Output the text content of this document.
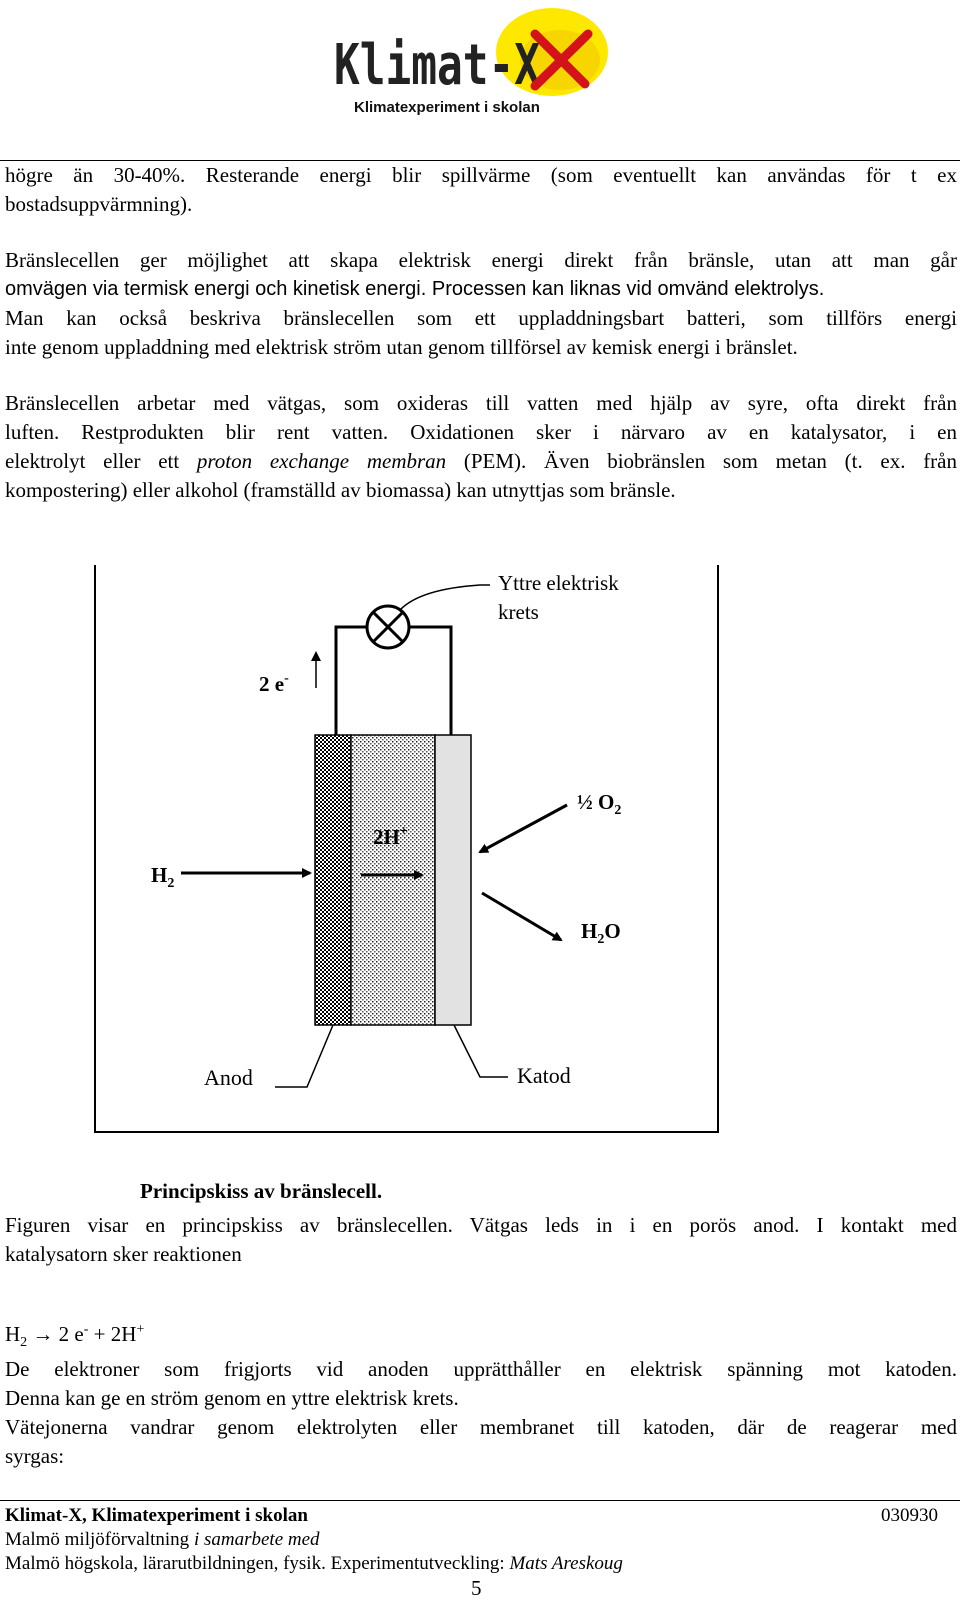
Klimat-X
Klimatexperiment i skolan

högre än 30-40%. Resterande energi blir spillvärme (som eventuellt kan användas för t ex
bostadsuppvärmning).

Bränslecellen ger möjlighet att skapa elektrisk energi direkt från bränsle, utan att man går
omvägen via termisk energi och kinetisk energi. Processen kan liknas vid omvänd elektrolys.
Man kan också beskriva bränslecellen som ett uppladdningsbart batteri, som tillförs energi
inte genom uppladdning med elektrisk ström utan genom tillförsel av kemisk energi i bränslet.

Bränslecellen arbetar med vätgas, som oxideras till vatten med hjälp av syre, ofta direkt från
luften. Restprodukten blir rent vatten. Oxidationen sker i närvaro av en katalysator, i en
elektrolyt eller ett proton exchange membran (PEM). Även biobränslen som metan (t. ex. från
kompostering) eller alkohol (framställd av biomassa) kan utnyttjas som bränsle.

Yttre elektrisk
krets
2 e-
$H_2$
2H+
½ $O_2$
$H_2O$
Anod	Katod
Principskiss av bränslecell.

Figuren visar en principskiss av bränslecellen. Vätgas leds in i en porös anod. I kontakt med
katalysatorn sker reaktionen

$H_2 \to 2$ e- + 2H+

De elektroner som frigjorts vid anoden upprätthåller en elektrisk spänning mot katoden.
Denna kan ge en ström genom en yttre elektrisk krets.

Vätejonerna vandrar genom elektrolyten eller membranet till katoden, där de reagerar med
syrgas:

Klimat-X, Klimatexperiment i skolan	030930
Malmö miljöförvaltning i samarbete med
Malmö högskola, lärarutbildningen, fysik. Experimentutveckling: Mats Areskoug
5
